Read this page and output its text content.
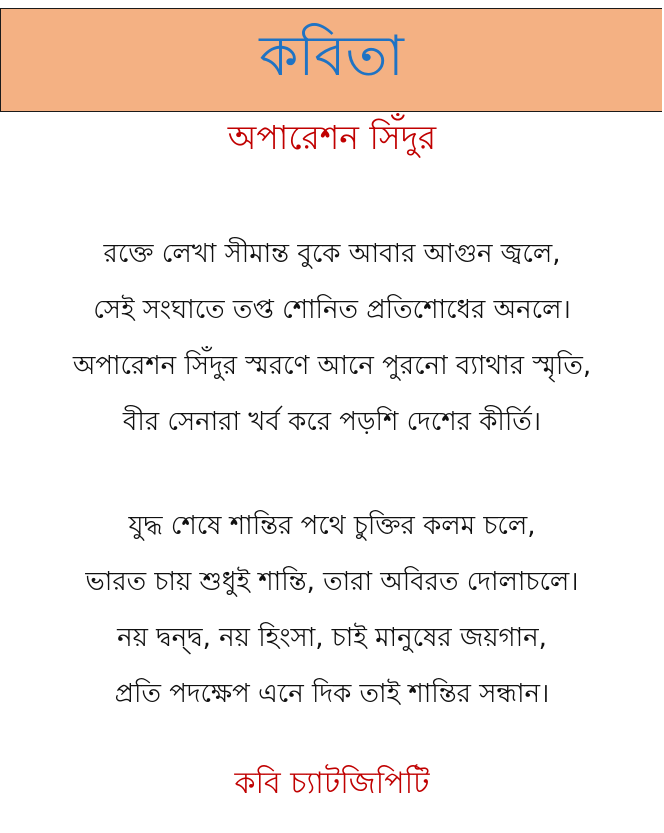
কবিতা
অপারেশন সিঁদুর
রক্তে লেখা সীমান্ত বুকে আবার আগুন জ্বলে,
সেই সংঘাতে তপ্ত শোনিত প্রতিশোধের অনলে।
অপারেশন সিঁদুর স্মরণে আনে পুরনো ব্যাথার স্মৃতি,
বীর সেনারা খর্ব করে পড়শি দেশের কীর্তি।
যুদ্ধ শেষে শান্তির পথে চুক্তির কলম চলে,
ভারত চায় শুধুই শান্তি, তারা অবিরত দোলাচলে।
নয় দ্বন্দ্ব, নয় হিংসা, চাই মানুষের জয়গান,
প্রতি পদক্ষেপ এনে দিক তাই শান্তির সন্ধান।
কবি চ্যাটজিপিটি
